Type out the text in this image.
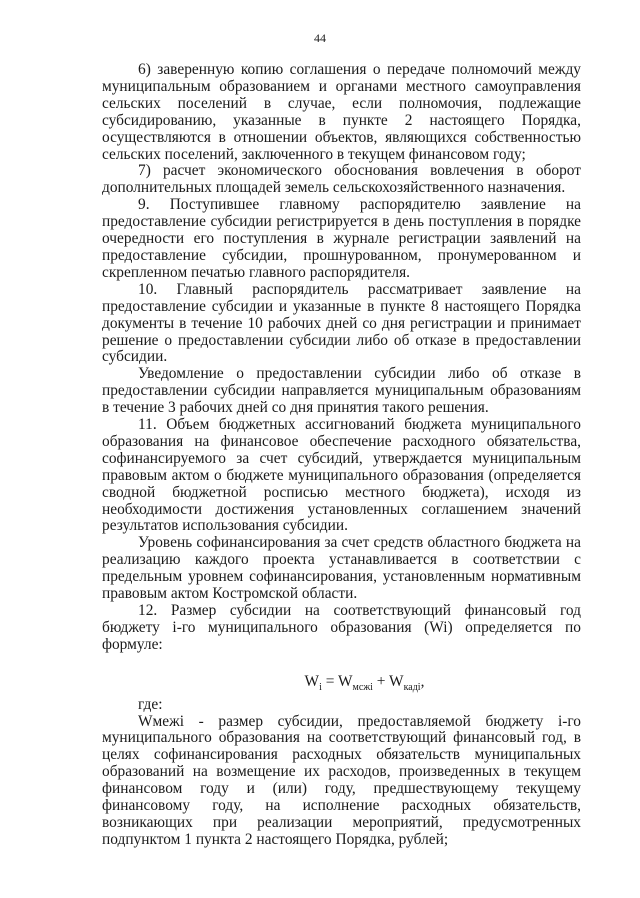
44

6) заверенную копию соглашения о передаче полномочий между муниципальным образованием и органами местного самоуправления сельских поселений в случае, если полномочия, подлежащие субсидированию, указанные в пункте 2 настоящего Порядка, осуществляются в отношении объектов, являющихся собственностью сельских поселений, заключенного в текущем финансовом году;

7) расчет экономического обоснования вовлечения в оборот дополнительных площадей земель сельскохозяйственного назначения.

9. Поступившее главному распорядителю заявление на предоставление субсидии регистрируется в день поступления в порядке очередности его поступления в журнале регистрации заявлений на предоставление субсидии, прошнурованном, пронумерованном и скрепленном печатью главного распорядителя.

10. Главный распорядитель рассматривает заявление на предоставление субсидии и указанные в пункте 8 настоящего Порядка документы в течение 10 рабочих дней со дня регистрации и принимает решение о предоставлении субсидии либо об отказе в предоставлении субсидии.

Уведомление о предоставлении субсидии либо об отказе в предоставлении субсидии направляется муниципальным образованиям в течение 3 рабочих дней со дня принятия такого решения.

11. Объем бюджетных ассигнований бюджета муниципального образования на финансовое обеспечение расходного обязательства, софинансируемого за счет субсидий, утверждается муниципальным правовым актом о бюджете муниципального образования (определяется сводной бюджетной росписью местного бюджета), исходя из необходимости достижения установленных соглашением значений результатов использования субсидии.

Уровень софинансирования за счет средств областного бюджета на реализацию каждого проекта устанавливается в соответствии с предельным уровнем софинансирования, установленным нормативным правовым актом Костромской области.

12. Размер субсидии на соответствующий финансовый год бюджету i-го муниципального образования (Wi) определяется по формуле:

$W_i = W_{мсжi} + W_{кадi}$,

где:

Wмежi - размер субсидии, предоставляемой бюджету i-го муниципального образования на соответствующий финансовый год, в целях софинансирования расходных обязательств муниципальных образований на возмещение их расходов, произведенных в текущем финансовом году и (или) году, предшествующему текущему финансовому году, на исполнение расходных обязательств, возникающих при реализации мероприятий, предусмотренных подпунктом 1 пункта 2 настоящего Порядка, рублей;
